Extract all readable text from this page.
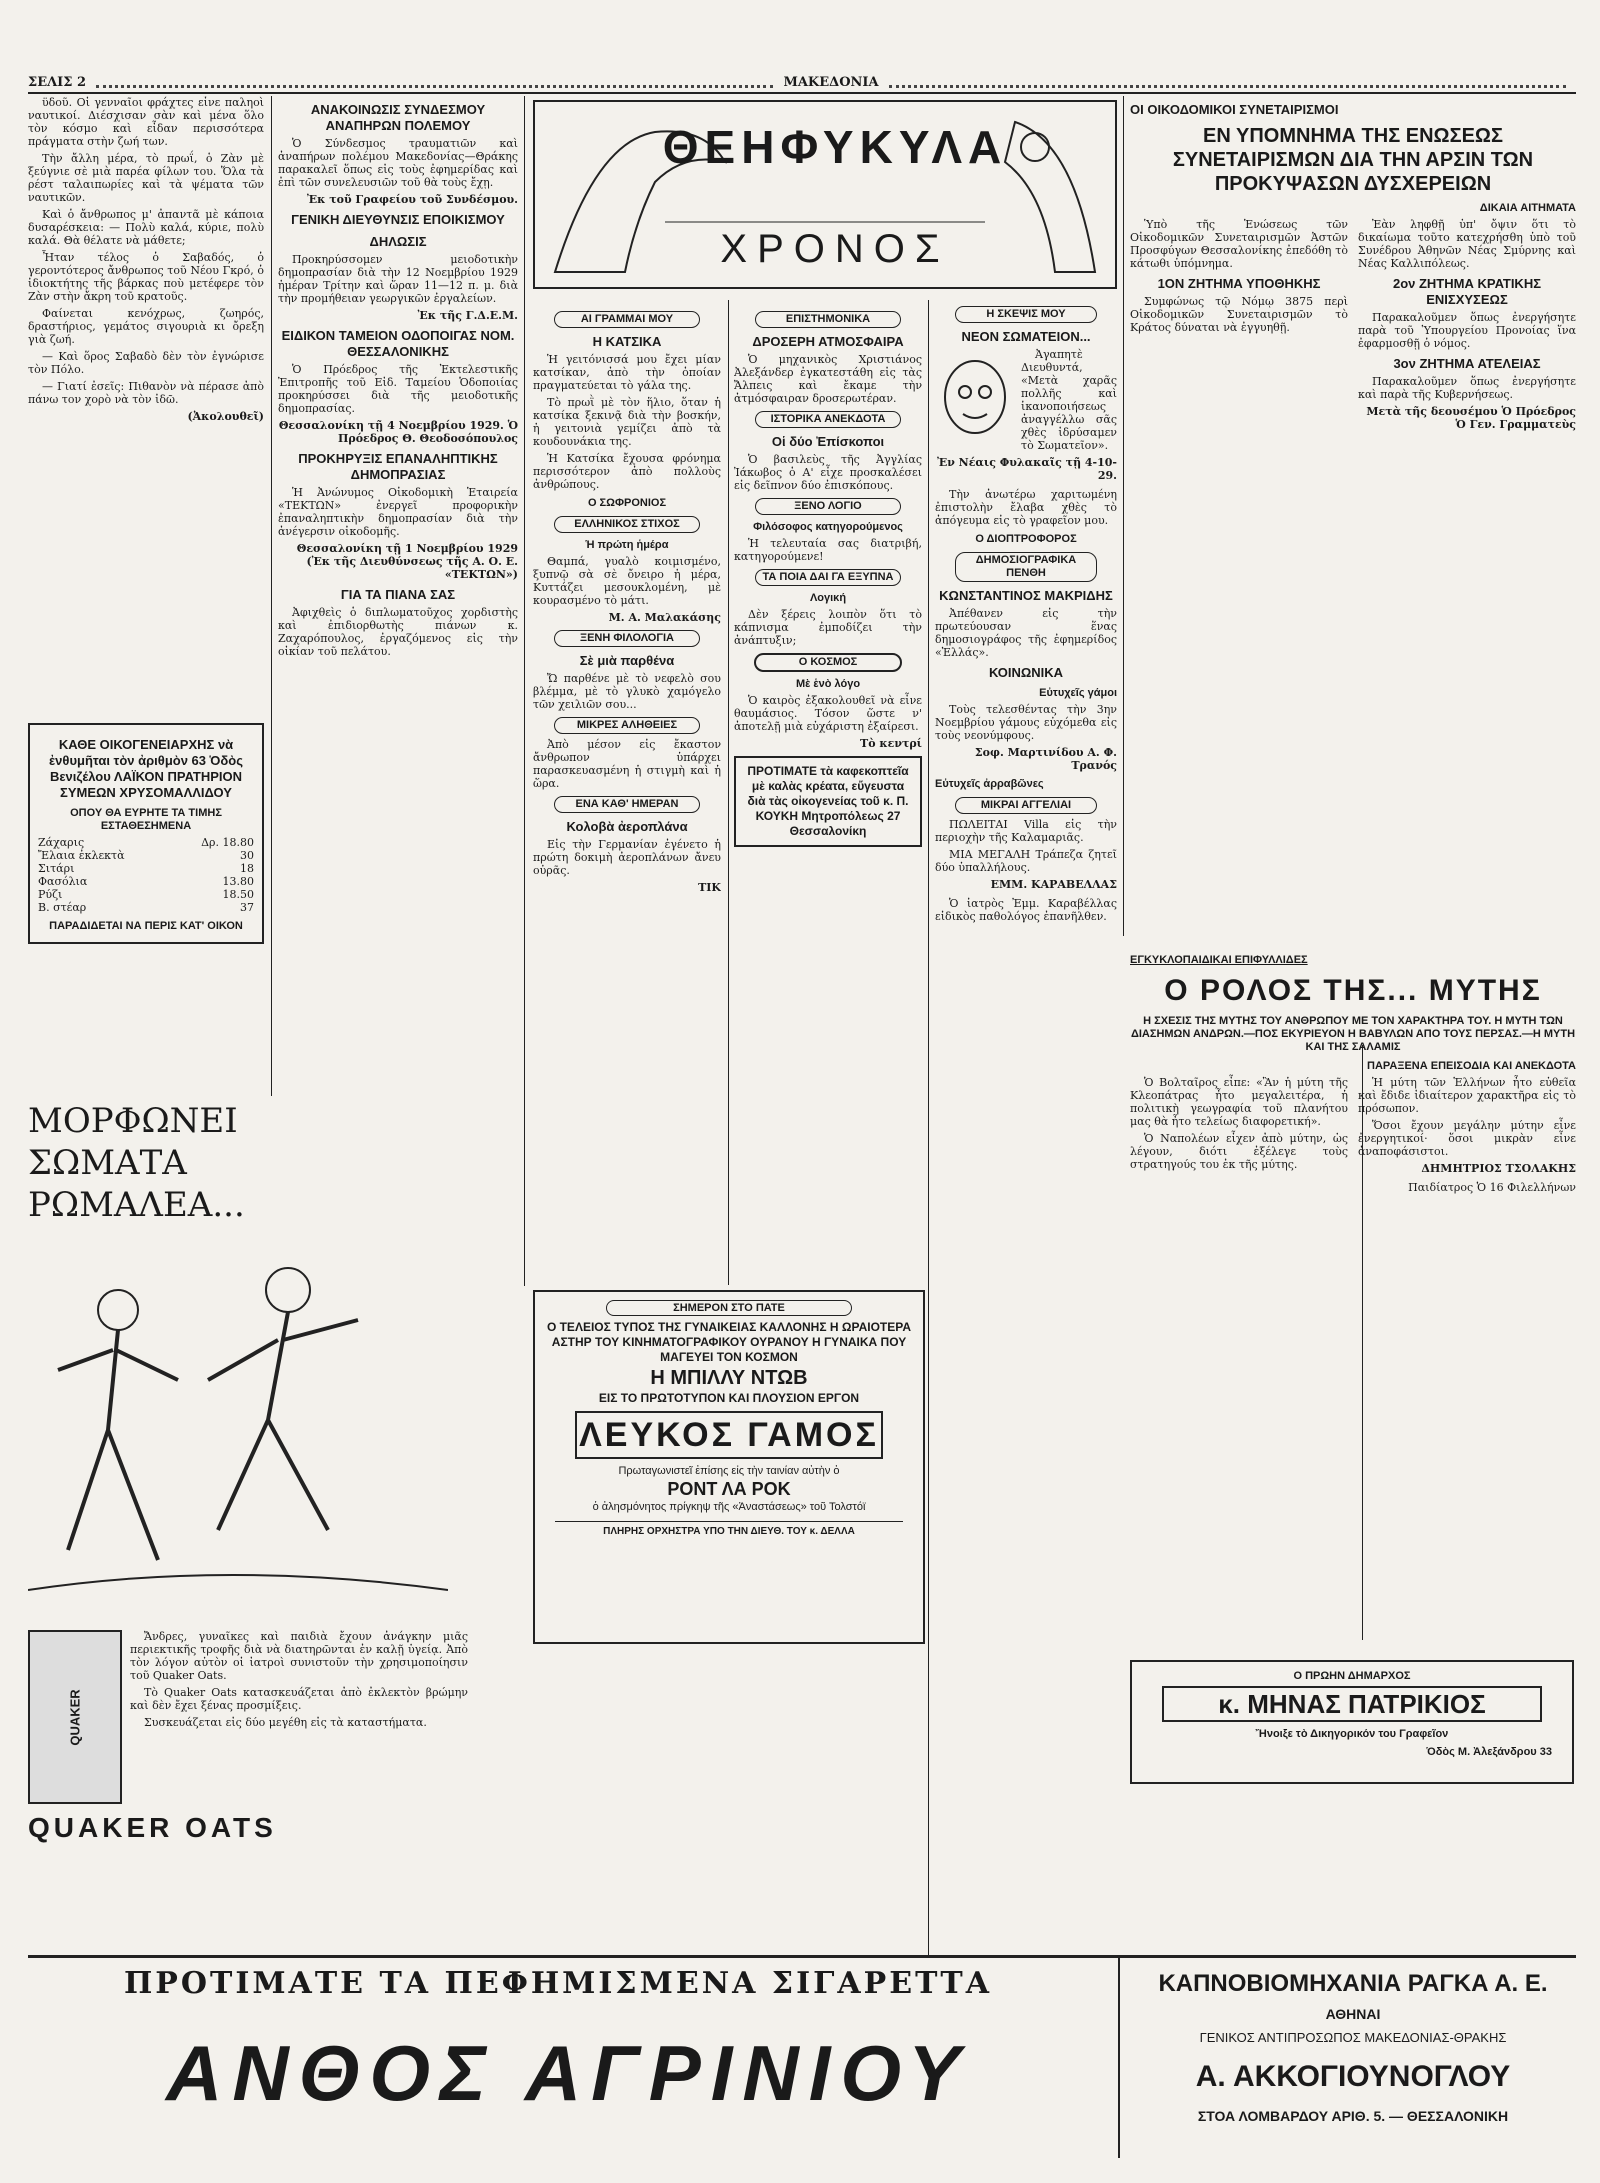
ΣΕΛΙΣ 2	ΜΑΚΕΔΟΝΙΑ

ϋδοῦ. Οἱ γενναῖοι φράχτες εἶνε παληοὶ ναυτικοί. Διέσχισαν σὰν καὶ μένα ὅλο τὸν κόσμο καὶ εἶδαν περισσότερα πράγματα στὴν ζωή των.

Τὴν ἄλλη μέρα, τὸ πρωΐ, ὁ Ζὰν μὲ ξεύγνιε σὲ μιὰ παρέα φίλων του. Ὅλα τὰ ρέστ ταλαιπωρίες καὶ τὰ ψέματα τῶν ναυτικῶν.

Καὶ ὁ ἄνθρωπος μ' ἀπαντᾶ μὲ κάποια δυσαρέσκεια: — Πολὺ καλά, κύριε, πολὺ καλά. Θὰ θέλατε νὰ μάθετε;

Ἦταν τέλος ὁ Σαβαδός, ὁ γεροντότερος ἄνθρωπος τοῦ Νέου Γκρό, ὁ ἰδιοκτήτης τῆς βάρκας ποὺ μετέφερε τὸν Ζὰν στὴν ἄκρη τοῦ κρατοῦς.

Φαίνεται κενόχρως, ζωηρός, δραστήριος, γεμάτος σιγουριὰ κι ὄρεξη γιὰ ζωή.

— Καὶ ὅρος Σαβαδὸ δὲν τὸν ἐγνώρισε τὸν Πόλο.

— Γιατί ἐσεῖς: Πιθανὸν νὰ πέρασε ἀπὸ πάνω τον χορὸ νὰ τὸν ἰδῶ.

(Ἀκολουθεῖ)
ΚΑΘΕ ΟΙΚΟΓΕΝΕΙΑΡΧΗΣ νὰ ἐνθυμῆται τὸν ἀριθμὸν 63 Ὁδὸς Βενιζέλου ΛΑΪΚΟΝ ΠΡΑΤΗΡΙΟΝ ΣΥΜΕΩΝ ΧΡΥΣΟΜΑΛΛΙΔΟΥ
ΟΠΟΥ ΘΑ ΕΥΡΗΤΕ ΤΑ ΤΙΜΗΣ ΕΣΤΑΘΕΣΗΜΕΝΑ
Ζάχαρις	Δρ. 18.80
Ἔλαια ἐκλεκτὰ	30
Σιτάρι	18
Φασόλια	13.80
Ρύζι	18.50
Β. στέαρ	37
ΠΑΡΑΔΙΔΕΤΑΙ ΝΑ ΠΕΡΙΣ ΚΑΤ' ΟΙΚΟΝ
ΑΝΑΚΟΙΝΩΣΙΣ ΣΥΝΔΕΣΜΟΥ ΑΝΑΠΗΡΩΝ ΠΟΛΕΜΟΥ

Ὁ Σύνδεσμος τραυματιῶν καὶ ἀναπήρων πολέμου Μακεδονίας—Θράκης παρακαλεῖ ὅπως εἰς τοὺς ἐφημερίδας καὶ ἐπὶ τῶν συνελευσιῶν τοῦ θὰ τοὺς ἔχῃ.

Ἐκ τοῦ Γραφείου τοῦ Συνδέσμου.
ΓΕΝΙΚΗ ΔΙΕΥΘΥΝΣΙΣ ΕΠΟΙΚΙΣΜΟΥ
ΔΗΛΩΣΙΣ

Προκηρύσσομεν μειοδοτικὴν δημοπρασίαν διὰ τὴν 12 Νοεμβρίου 1929 ἡμέραν Τρίτην καὶ ὥραν 11—12 π. μ. διὰ τὴν προμήθειαν γεωργικῶν ἐργαλείων.

Ἐκ τῆς Γ.Δ.Ε.Μ.
ΕΙΔΙΚΟΝ ΤΑΜΕΙΟΝ ΟΔΟΠΟΙΓΑΣ ΝΟΜ. ΘΕΣΣΑΛΟΝΙΚΗΣ

Ὁ Πρόεδρος τῆς Ἐκτελεστικῆς Ἐπιτροπῆς τοῦ Εἰδ. Ταμείου Ὁδοποιίας προκηρύσσει διὰ τῆς μειοδοτικῆς δημοπρασίας.

Θεσσαλονίκη τῇ 4 Νοεμβρίου 1929. Ὁ Πρόεδρος Θ. Θεοδοσόπουλος
ΠΡΟΚΗΡΥΞΙΣ ΕΠΑΝΑΛΗΠΤΙΚΗΣ ΔΗΜΟΠΡΑΣΙΑΣ

Ἡ Ἀνώνυμος Οἰκοδομικὴ Ἑταιρεία «ΤΕΚΤΩΝ» ἐνεργεῖ προφορικὴν ἐπαναληπτικὴν δημοπρασίαν διὰ τὴν ἀνέγερσιν οἰκοδομῆς.

Θεσσαλονίκη τῇ 1 Νοεμβρίου 1929 (Ἐκ τῆς Διευθύνσεως τῆς Α. Ο. Ε. «ΤΕΚΤΩΝ»)
ΓΙΑ ΤΑ ΠΙΑΝΑ ΣΑΣ

Ἀφιχθεὶς ὁ διπλωματοῦχος χορδιστὴς καὶ ἐπιδιορθωτὴς πιάνων κ. Ζαχαρόπουλος, ἐργαζόμενος εἰς τὴν οἰκίαν τοῦ πελάτου.

ΘΕΗΦΥΚΥΛΑ
ΧΡΟΝΟΣ
ΑΙ ΓΡΑΜΜΑΙ ΜΟΥ
Η ΚΑΤΣΙΚΑ

Ἡ γειτόνισσά μου ἔχει μίαν κατσίκαν, ἀπὸ τὴν ὁποίαν πραγματεύεται τὸ γάλα της.

Τὸ πρωῒ μὲ τὸν ἥλιο, ὅταν ἡ κατσίκα ξεκινᾷ διὰ τὴν βοσκήν, ἡ γειτονιὰ γεμίζει ἀπὸ τὰ κουδουνάκια της.

Ἡ Κατσίκα ἔχουσα φρόνημα περισσότερον ἀπὸ πολλοὺς ἀνθρώπους.

Ο ΣΩΦΡΟΝΙΟΣ
ΕΛΛΗΝΙΚΟΣ ΣΤΙΧΟΣ
Ἡ πρώτη ἡμέρα

Θαμπά, γυαλὸ κοιμισμένο, ξυπνῷ σὰ σὲ ὄνειρο ἡ μέρα, Κυττάζει μεσουκλομένη, μὲ κουρασμένο τὸ μάτι.

Μ. Α. Μαλακάσης
ΞΕΝΗ ΦΙΛΟΛΟΓΙΑ
Σὲ μιὰ παρθένα

Ὤ παρθένε μὲ τὸ νεφελὸ σου βλέμμα, μὲ τὸ γλυκὸ χαμόγελο τῶν χειλιῶν σου...

ΜΙΚΡΕΣ ΑΛΗΘΕΙΕΣ

Ἀπὸ μέσον εἰς ἔκαστον ἄνθρωπον ὑπάρχει παρασκευασμένη ἡ στιγμὴ καὶ ἡ ὥρα.

ΕΝΑ ΚΑΘ' ΗΜΕΡΑΝ
Κολοβὰ ἀεροπλάνα

Εἰς τὴν Γερμανίαν ἐγένετο ἡ πρώτη δοκιμὴ ἀεροπλάνων ἄνευ οὐρᾶς.

ΤΙΚ
ΕΠΙΣΤΗΜΟΝΙΚΑ
ΔΡΟΣΕΡΗ ΑΤΜΟΣΦΑΙΡΑ

Ὁ μηχανικὸς Χριστιάνος Ἀλεξάνδερ ἐγκατεστάθη εἰς τὰς Ἄλπεις καὶ ἔκαμε τὴν ἀτμόσφαιραν δροσερωτέραν.

ΙΣΤΟΡΙΚΑ ΑΝΕΚΔΟΤΑ
Οἱ δύο Ἐπίσκοποι

Ὁ βασιλεὺς τῆς Ἀγγλίας Ἰάκωβος ὁ Α' εἶχε προσκαλέσει εἰς δεῖπνον δύο ἐπισκόπους.

ΞΕΝΟ ΛΟΓΙΟ
Φιλόσοφος κατηγορούμενος

Ἡ τελευταία σας διατριβή, κατηγορούμενε!

ΤΑ ΠΟΙΑ ΔΑΙ ΓΑ ΕΞΥΠΝΑ
Λογική

Δὲν ξέρεις λοιπὸν ὅτι τὸ κάπνισμα ἐμποδίζει τὴν ἀνάπτυξιν;

Ο ΚΟΣΜΟΣ
Μὲ ἑνὸ λόγο

Ὁ καιρὸς ἐξακολουθεῖ νὰ εἶνε θαυμάσιος. Τόσον ὥστε ν' ἀποτελῇ μιὰ εὐχάριστη ἐξαίρεσι.

Τὸ κεντρί
ΠΡΟΤΙΜΑΤΕ τὰ καφεκοπτεῖα μὲ καλὰς κρέατα, εὔγευστα διὰ τὰς οἰκογενείας τοῦ κ. Π. ΚΟΥΚΗ Μητροπόλεως 27 Θεσσαλονίκη
Η ΣΚΕΨΙΣ ΜΟΥ
ΝΕΟΝ ΣΩΜΑΤΕΙΟΝ...

Ἀγαπητὲ Διευθυντά, «Μετὰ χαρᾶς πολλῆς καὶ ἱκανοποιήσεως ἀναγγέλλω σᾶς χθὲς ἱδρύσαμεν τὸ Σωματεῖον».

Ἐν Νέαις Φυλακαῖς τῇ 4-10-29.

Τὴν ἀνωτέρω χαριτωμένη ἐπιστολὴν ἔλαβα χθὲς τὸ ἀπόγευμα εἰς τὸ γραφεῖον μου.

Ο ΔΙΟΠΤΡΟΦΟΡΟΣ
ΔΗΜΟΣΙΟΓΡΑΦΙΚΑ ΠΕΝΘΗ
ΚΩΝΣΤΑΝΤΙΝΟΣ ΜΑΚΡΙΔΗΣ

Ἀπέθανεν εἰς τὴν πρωτεύουσαν ἕνας δημοσιογράφος τῆς ἐφημερίδος «Ἑλλάς».

ΚΟΙΝΩΝΙΚΑ
Εὐτυχεῖς γάμοι

Τοὺς τελεσθέντας τὴν 3ην Νοεμβρίου γάμους εὐχόμεθα εἰς τοὺς νεονύμφους.

Σοφ. Μαρτινίδου Α. Φ. Τρανός
Εὐτυχεῖς ἀρραβῶνες
ΜΙΚΡΑΙ ΑΓΓΕΛΙΑΙ

ΠΩΛΕΙΤΑΙ Villa εἰς τὴν περιοχὴν τῆς Καλαμαριᾶς.

ΜΙΑ ΜΕΓΑΛΗ Τράπεζα ζητεῖ δύο ὑπαλλήλους.

ΕΜΜ. ΚΑΡΑΒΕΛΛΑΣ

Ὁ ἰατρὸς Ἐμμ. Καραβέλλας εἰδικὸς παθολόγος ἐπανῆλθεν.

ΟΙ ΟΙΚΟΔΟΜΙΚΟΙ ΣΥΝΕΤΑΙΡΙΣΜΟΙ
ΕΝ ΥΠΟΜΝΗΜΑ ΤΗΣ ΕΝΩΣΕΩΣ ΣΥΝΕΤΑΙΡΙΣΜΩΝ ΔΙΑ ΤΗΝ ΑΡΣΙΝ ΤΩΝ ΠΡΟΚΥΨΑΣΩΝ ΔΥΣΧΕΡΕΙΩΝ
ΔΙΚΑΙΑ ΑΙΤΗΜΑΤΑ

Ὑπὸ τῆς Ἑνώσεως τῶν Οἰκοδομικῶν Συνεταιρισμῶν Ἀστῶν Προσφύγων Θεσσαλονίκης ἐπεδόθη τὸ κάτωθι ὑπόμνημα.

1ΟΝ ΖΗΤΗΜΑ ΥΠΟΘΗΚΗΣ

Συμφώνως τῷ Νόμῳ 3875 περὶ Οἰκοδομικῶν Συνεταιρισμῶν τὸ Κράτος δύναται νὰ ἐγγυηθῇ.

Ἐὰν ληφθῇ ὑπ' ὄψιν ὅτι τὸ δικαίωμα τοῦτο κατεχρήσθη ὑπὸ τοῦ Συνέδρου Ἀθηνῶν Νέας Σμύρνης καὶ Νέας Καλλιπόλεως.

2ον ΖΗΤΗΜΑ ΚΡΑΤΙΚΗΣ ΕΝΙΣΧΥΣΕΩΣ

Παρακαλοῦμεν ὅπως ἐνεργήσητε παρὰ τοῦ Ὑπουργείου Προνοίας ἵνα ἐφαρμοσθῇ ὁ νόμος.

3ον ΖΗΤΗΜΑ ΑΤΕΛΕΙΑΣ

Παρακαλοῦμεν ὅπως ἐνεργήσητε καὶ παρὰ τῆς Κυβερνήσεως.

Μετὰ τῆς δεουσέμου Ὁ Πρόεδρος Ὁ Γεν. Γραμματεὺς
ΕΓΚΥΚΛΟΠΑΙΔΙΚΑΙ ΕΠΙΦΥΛΛΙΔΕΣ
Ο ΡΟΛΟΣ ΤΗΣ... ΜΥΤΗΣ
Η ΣΧΕΣΙΣ ΤΗΣ ΜΥΤΗΣ ΤΟΥ ΑΝΘΡΩΠΟΥ ΜΕ ΤΟΝ ΧΑΡΑΚΤΗΡΑ ΤΟΥ. Η ΜΥΤΗ ΤΩΝ ΔΙΑΣΗΜΩΝ ΑΝΔΡΩΝ.—ΠΟΣ ΕΚΥΡΙΕΥΟΝ Η ΒΑΒΥΛΩΝ ΑΠΟ ΤΟΥΣ ΠΕΡΣΑΣ.—Η ΜΥΤΗ ΚΑΙ ΤΗΣ ΣΑΛΑΜΙΣ
ΠΑΡΑΞΕΝΑ ΕΠΕΙΣΟΔΙΑ ΚΑΙ ΑΝΕΚΔΟΤΑ

Ὁ Βολταῖρος εἶπε: «Ἂν ἡ μύτη τῆς Κλεοπάτρας ἦτο μεγαλειτέρα, ἡ πολιτικὴ γεωγραφία τοῦ πλανήτου μας θὰ ἦτο τελείως διαφορετική».

Ὁ Ναπολέων εἶχεν ἀπὸ μύτην, ὡς λέγουν, διότι ἐξέλεγε τοὺς στρατηγούς του ἐκ τῆς μύτης.

Ἡ μύτη τῶν Ἑλλήνων ἦτο εὐθεῖα καὶ ἔδιδε ἰδιαίτερον χαρακτῆρα εἰς τὸ πρόσωπον.

Ὅσοι ἔχουν μεγάλην μύτην εἶνε ἐνεργητικοί· ὅσοι μικρὰν εἶνε ἀναποφάσιστοι.

ΔΗΜΗΤΡΙΟΣ ΤΣΟΛΑΚΗΣ
Παιδίατρος Ὁ 16 Φιλελλήνων
Ο ΠΡΩΗΝ ΔΗΜΑΡΧΟΣ
κ. ΜΗΝΑΣ ΠΑΤΡΙΚΙΟΣ
Ἤνοιξε τὸ Δικηγορικόν του Γραφεῖον
Ὁδὸς Μ. Ἀλεξάνδρου 33
ΜΟΡΦΩΝΕΙ ΣΩΜΑΤΑ ΡΩΜΑΛΕΑ...
QUAKER

Ἄνδρες, γυναῖκες καὶ παιδιὰ ἔχουν ἀνάγκην μιᾶς περιεκτικῆς τροφῆς διὰ νὰ διατηρῶνται ἐν καλῇ ὑγείᾳ. Ἀπὸ τὸν λόγον αὐτὸν οἱ ἰατροὶ συνιστοῦν τὴν χρησιμοποίησιν τοῦ Quaker Oats.

Τὸ Quaker Oats κατασκευάζεται ἀπὸ ἐκλεκτὸν βρώμην καὶ δὲν ἔχει ξένας προσμίξεις.

Συσκευάζεται εἰς δύο μεγέθη εἰς τὰ καταστήματα.

QUAKER OATS
ΣΗΜΕΡΟΝ ΣΤΟ ΠΑΤΕ
Ο ΤΕΛΕΙΟΣ ΤΥΠΟΣ ΤΗΣ ΓΥΝΑΙΚΕΙΑΣ ΚΑΛΛΟΝΗΣ Η ΩΡΑΙΟΤΕΡΑ ΑΣΤΗΡ ΤΟΥ ΚΙΝΗΜΑΤΟΓΡΑΦΙΚΟΥ ΟΥΡΑΝΟΥ Η ΓΥΝΑΙΚΑ ΠΟΥ ΜΑΓΕΥΕΙ ΤΟΝ ΚΟΣΜΟΝ
Η ΜΠΙΛΛΥ ΝΤΩΒ
ΕΙΣ ΤΟ ΠΡΩΤΟΤΥΠΟΝ ΚΑΙ ΠΛΟΥΣΙΟΝ ΕΡΓΟΝ
ΛΕΥΚΟΣ ΓΑΜΟΣ
Πρωταγωνιστεῖ ἐπίσης εἰς τὴν ταινίαν αὐτὴν ὁ
ΡΟΝΤ ΛΑ ΡΟΚ
ὁ ἀλησμόνητος πρίγκηψ τῆς «Ἀναστάσεως» τοῦ Τολστόϊ
ΠΛΗΡΗΣ ΟΡΧΗΣΤΡΑ ΥΠΟ ΤΗΝ ΔΙΕΥΘ. ΤΟΥ κ. ΔΕΛΛΑ
ΠΡΟΤΙΜΑΤΕ ΤΑ ΠΕΦΗΜΙΣΜΕΝΑ ΣΙΓΑΡΕΤΤΑ
ΑΝΘΟΣ ΑΓΡΙΝΙΟΥ
ΚΑΠΝΟΒΙΟΜΗΧΑΝΙΑ ΡΑΓΚΑ Α. Ε.
ΑΘΗΝΑΙ
ΓΕΝΙΚΟΣ ΑΝΤΙΠΡΟΣΩΠΟΣ ΜΑΚΕΔΟΝΙΑΣ-ΘΡΑΚΗΣ
Α. ΑΚΚΟΓΙΟΥΝΟΓΛΟΥ
ΣΤΟΑ ΛΟΜΒΑΡΔΟΥ ΑΡΙΘ. 5. — ΘΕΣΣΑΛΟΝΙΚΗ
